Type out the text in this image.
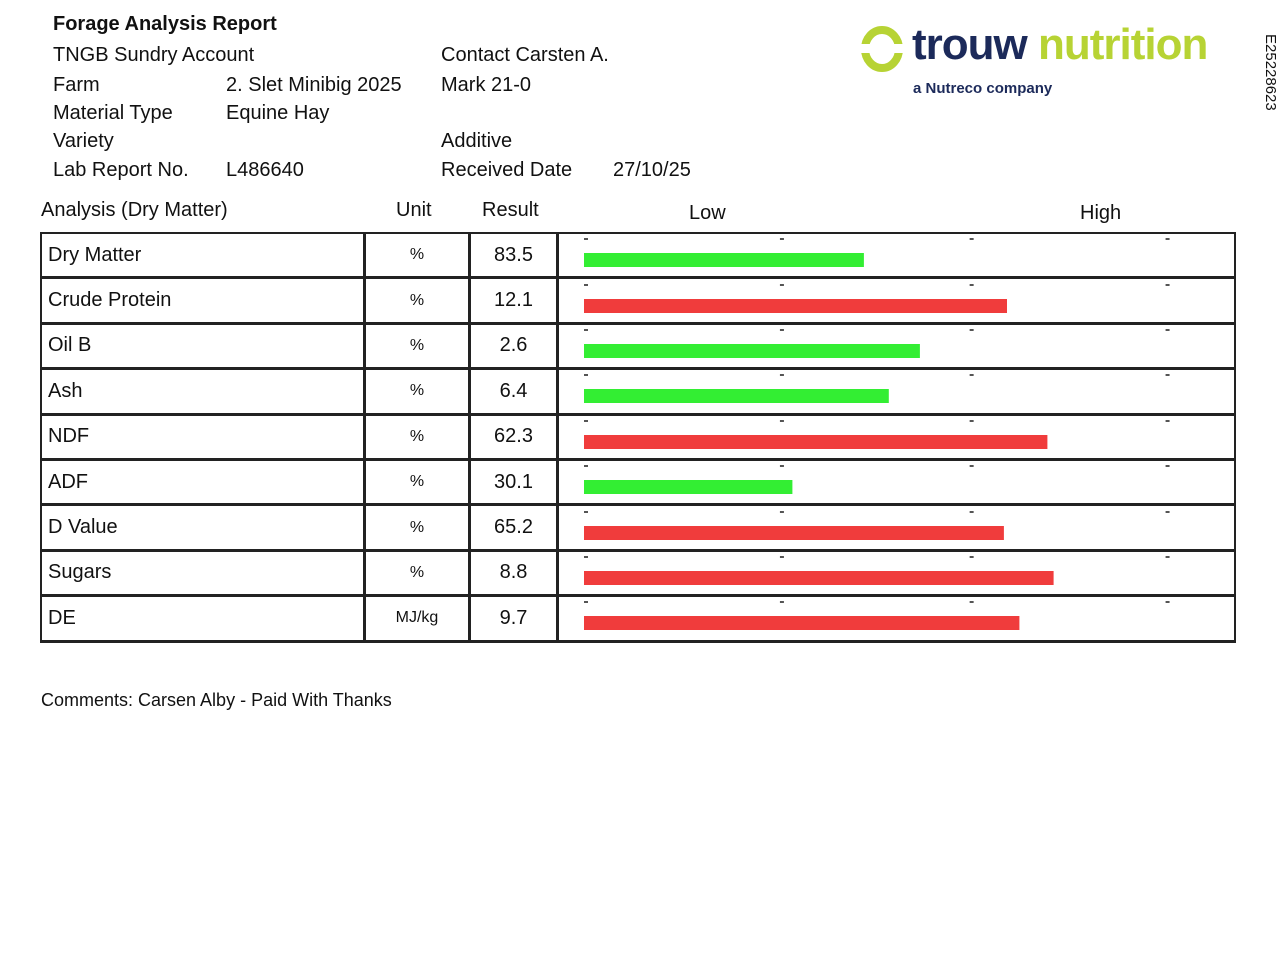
Forage Analysis Report
TNGB Sundry Account
Farm	2. Slet Minibig 2025
Material Type	Equine Hay
Variety
Lab Report No. L486640
Contact Carsten A.
Mark 21-0
Additive
Received Date 27/10/25
trouw nutrition
a Nutreco company	E25228623
Analysis (Dry Matter)	Unit	Result	Low	High
Dry Matter	%	83.5
Crude Protein	%	12.1
Oil B	%	2.6
Ash	%	6.4
NDF	%	62.3
ADF	%	30.1
D Value	%	65.2
Sugars	%	8.8
DE	MJ/kg	9.7
Comments: Carsen Alby - Paid With Thanks
